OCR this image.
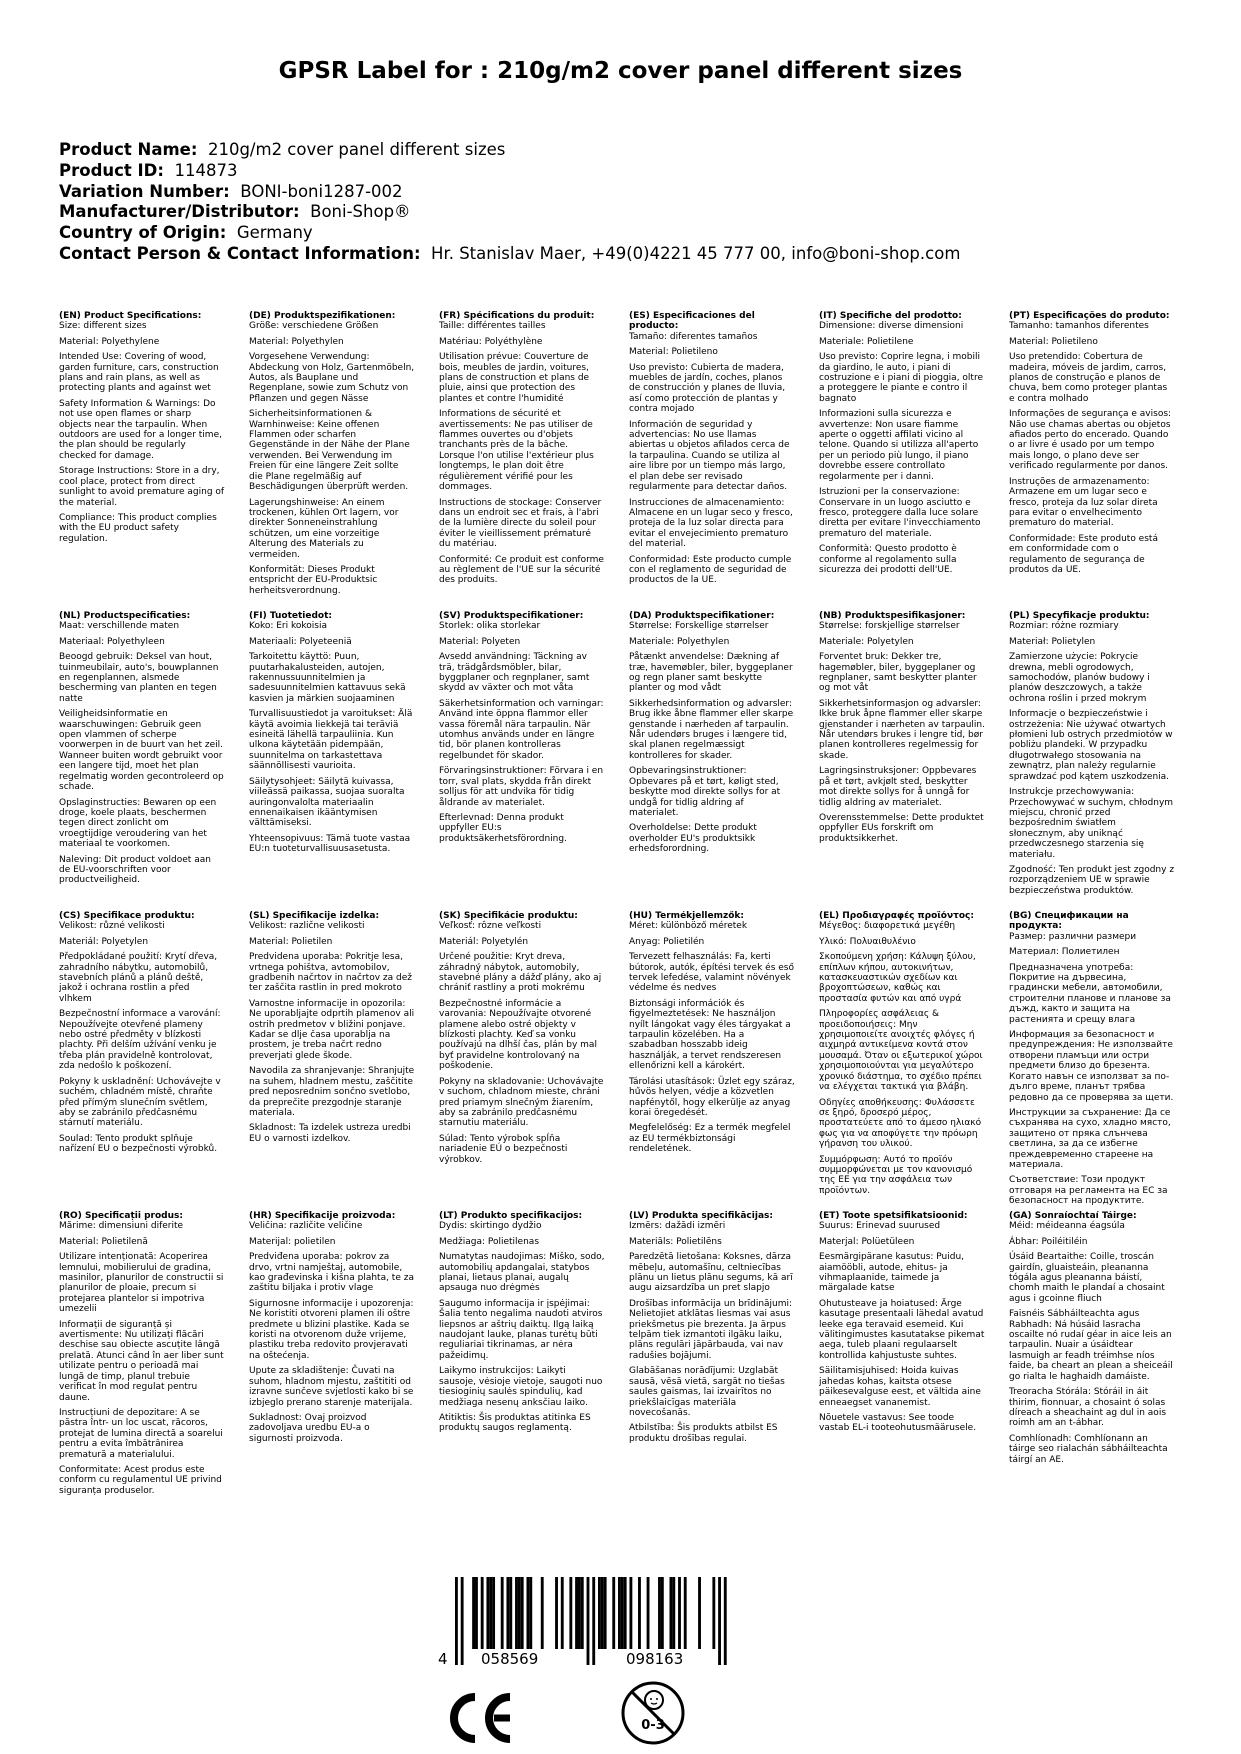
GPSR Label for : 210g/m2 cover panel different sizes
Product Name: 210g/m2 cover panel different sizes
Product ID: 114873
Variation Number: BONI-boni1287-002
Manufacturer/Distributor: Boni-Shop®
Country of Origin: Germany
Contact Person & Contact Information: Hr. Stanislav Maer, +49(0)4221 45 777 00, info@boni-shop.com
(EN) Product Specifications:
Size: different sizes
Material: Polyethylene
Intended Use: Covering of wood, garden furniture, cars, construction plans and rain plans, as well as protecting plants and against wet
Safety Information & Warnings: Do not use open flames or sharp objects near the tarpaulin. When outdoors are used for a longer time, the plan should be regularly checked for damage.
Storage Instructions: Store in a dry, cool place, protect from direct sunlight to avoid premature aging of the material.
Compliance: This product complies with the EU product safety regulation.
(DE) Produktspezifikationen:
Größe: verschiedene Größen
Material: Polyethylen
Vorgesehene Verwendung: Abdeckung von Holz, Gartenmöbeln, Autos, als Bauplane und Regenplane, sowie zum Schutz von Pflanzen und gegen Nässe
Sicherheitsinformationen & Warnhinweise: Keine offenen Flammen oder scharfen Gegenstände in der Nähe der Plane verwenden. Bei Verwendung im Freien für eine längere Zeit sollte die Plane regelmäßig auf Beschädigungen überprüft werden.
Lagerungshinweise: An einem trockenen, kühlen Ort lagern, vor direkter Sonneneinstrahlung schützen, um eine vorzeitige Alterung des Materials zu vermeiden.
Konformität: Dieses Produkt entspricht der EU-Produktsic herheitsverordnung.
(FR) Spécifications du produit:
Taille: différentes tailles
Matériau: Polyéthylène
Utilisation prévue: Couverture de bois, meubles de jardin, voitures, plans de construction et plans de pluie, ainsi que protection des plantes et contre l'humidité
Informations de sécurité et avertissements: Ne pas utiliser de flammes ouvertes ou d'objets tranchants près de la bâche. Lorsque l'on utilise l'extérieur plus longtemps, le plan doit être régulièrement vérifié pour les dommages.
Instructions de stockage: Conserver dans un endroit sec et frais, à l'abri de la lumière directe du soleil pour éviter le vieillissement prématuré du matériau.
Conformité: Ce produit est conforme au règlement de l'UE sur la sécurité des produits.
(ES) Especificaciones del producto:
Tamaño: diferentes tamaños
Material: Polietileno
Uso previsto: Cubierta de madera, muebles de jardín, coches, planos de construcción y planes de lluvia, así como protección de plantas y contra mojado
Información de seguridad y advertencias: No use llamas abiertas u objetos afilados cerca de la tarpaulina. Cuando se utiliza al aire libre por un tiempo más largo, el plan debe ser revisado regularmente para detectar daños.
Instrucciones de almacenamiento: Almacene en un lugar seco y fresco, proteja de la luz solar directa para evitar el envejecimiento prematuro del material.
Conformidad: Este producto cumple con el reglamento de seguridad de productos de la UE.
(IT) Specifiche del prodotto:
Dimensione: diverse dimensioni
Materiale: Polietilene
Uso previsto: Coprire legna, i mobili da giardino, le auto, i piani di costruzione e i piani di pioggia, oltre a proteggere le piante e contro il bagnato
Informazioni sulla sicurezza e avvertenze: Non usare fiamme aperte o oggetti affilati vicino al telone. Quando si utilizza all'aperto per un periodo più lungo, il piano dovrebbe essere controllato regolarmente per i danni.
Istruzioni per la conservazione: Conservare in un luogo asciutto e fresco, proteggere dalla luce solare diretta per evitare l'invecchiamento prematuro del materiale.
Conformità: Questo prodotto è conforme al regolamento sulla sicurezza dei prodotti dell'UE.
(PT) Especificações do produto:
Tamanho: tamanhos diferentes
Material: Polietileno
Uso pretendido: Cobertura de madeira, móveis de jardim, carros, planos de construção e planos de chuva, bem como proteger plantas e contra molhado
Informações de segurança e avisos: Não use chamas abertas ou objetos afiados perto do encerado. Quando o ar livre é usado por um tempo mais longo, o plano deve ser verificado regularmente por danos.
Instruções de armazenamento: Armazene em um lugar seco e fresco, proteja da luz solar direta para evitar o envelhecimento prematuro do material.
Conformidade: Este produto está em conformidade com o regulamento de segurança de produtos da UE.
(NL) Productspecificaties:
Maat: verschillende maten
Materiaal: Polyethyleen
Beoogd gebruik: Deksel van hout, tuinmeubilair, auto's, bouwplannen en regenplannen, alsmede bescherming van planten en tegen natte
Veiligheidsinformatie en waarschuwingen: Gebruik geen open vlammen of scherpe voorwerpen in de buurt van het zeil. Wanneer buiten wordt gebruikt voor een langere tijd, moet het plan regelmatig worden gecontroleerd op schade.
Opslaginstructies: Bewaren op een droge, koele plaats, beschermen tegen direct zonlicht om vroegtijdige veroudering van het materiaal te voorkomen.
Naleving: Dit product voldoet aan de EU-voorschriften voor productveiligheid.
(FI) Tuotetiedot:
Koko: Eri kokoisia
Materiaali: Polyeteeniä
Tarkoitettu käyttö: Puun, puutarhakalusteiden, autojen, rakennussuunnitelmien ja sadesuunnitelmien kattavuus sekä kasvien ja märkien suojaaminen
Turvallisuustiedot ja varoitukset: Älä käytä avoimia liekkejä tai teräviä esineitä lähellä tarpauliinia. Kun ulkona käytetään pidempään, suunnitelma on tarkastettava säännöllisesti vaurioita.
Säilytysohjeet: Säilytä kuivassa, viileässä paikassa, suojaa suoralta auringonvalolta materiaalin ennenaikaisen ikääntymisen välttämiseksi.
Yhteensopivuus: Tämä tuote vastaa EU:n tuoteturvallisuusasetusta.
(SV) Produktspecifikationer:
Storlek: olika storlekar
Material: Polyeten
Avsedd användning: Täckning av trä, trädgårdsmöbler, bilar, byggplaner och regnplaner, samt skydd av växter och mot våta
Säkerhetsinformation och varningar: Använd inte öppna flammor eller vassa föremål nära tarpaulin. När utomhus används under en längre tid, bör planen kontrolleras regelbundet för skador.
Förvaringsinstruktioner: Förvara i en torr, sval plats, skydda från direkt solljus för att undvika för tidig åldrande av materialet.
Efterlevnad: Denna produkt uppfyller EU:s produktsäkerhetsförordning.
(DA) Produktspecifikationer:
Størrelse: Forskellige størrelser
Materiale: Polyethylen
Påtænkt anvendelse: Dækning af træ, havemøbler, biler, byggeplaner og regn planer samt beskytte planter og mod vådt
Sikkerhedsinformation og advarsler: Brug ikke åbne flammer eller skarpe genstande i nærheden af tarpaulin. Når udendørs bruges i længere tid, skal planen regelmæssigt kontrolleres for skader.
Opbevaringsinstruktioner: Opbevares på et tørt, køligt sted, beskytte mod direkte sollys for at undgå for tidlig aldring af materialet.
Overholdelse: Dette produkt overholder EU's produktsikk erhedsforordning.
(NB) Produktspesifikasjoner:
Størrelse: forskjellige størrelser
Materiale: Polyetylen
Forventet bruk: Dekker tre, hagemøbler, biler, byggeplaner og regnplaner, samt beskytter planter og mot våt
Sikkerhetsinformasjon og advarsler: Ikke bruk åpne flammer eller skarpe gjenstander i nærheten av tarpaulin. Når utendørs brukes i lengre tid, bør planen kontrolleres regelmessig for skade.
Lagringsinstruksjoner: Oppbevares på et tørt, avkjølt sted, beskytter mot direkte sollys for å unngå for tidlig aldring av materialet.
Overensstemmelse: Dette produktet oppfyller EUs forskrift om produktsikkerhet.
(PL) Specyfikacje produktu:
Rozmiar: różne rozmiary
Materiał: Polietylen
Zamierzone użycie: Pokrycie drewna, mebli ogrodowych, samochodów, planów budowy i planów deszczowych, a także ochrona roślin i przed mokrym
Informacje o bezpieczeństwie i ostrzeżenia: Nie używać otwartych płomieni lub ostrych przedmiotów w pobliżu plandeki. W przypadku długotrwałego stosowania na zewnątrz, plan należy regularnie sprawdzać pod kątem uszkodzenia.
Instrukcje przechowywania: Przechowywać w suchym, chłodnym miejscu, chronić przed bezpośrednim światłem słonecznym, aby uniknąć przedwczesnego starzenia się materiału.
Zgodność: Ten produkt jest zgodny z rozporządzeniem UE w sprawie bezpieczeństwa produktów.
(CS) Specifikace produktu:
Velikost: různé velikosti
Materiál: Polyetylen
Předpokládané použití: Krytí dřeva, zahradního nábytku, automobilů, stavebních plánů a plánů deště, jakož i ochrana rostlin a před vlhkem
Bezpečnostní informace a varování: Nepoužívejte otevřené plameny nebo ostré předměty v blízkosti plachty. Při delším užívání venku je třeba plán pravidelně kontrolovat, zda nedošlo k poškození.
Pokyny k uskladnění: Uchovávejte v suchém, chladném místě, chraňte před přímým slunečním světlem, aby se zabránilo předčasnému stárnutí materiálu.
Soulad: Tento produkt splňuje nařízení EU o bezpečnosti výrobků.
(SL) Specifikacije izdelka:
Velikost: različne velikosti
Material: Polietilen
Predvidena uporaba: Pokritje lesa, vrtnega pohištva, avtomobilov, gradbenih načrtov in načrtov za dež ter zaščita rastlin in pred mokroto
Varnostne informacije in opozorila: Ne uporabljajte odprtih plamenov ali ostrih predmetov v bližini ponjave. Kadar se dlje časa uporablja na prostem, je treba načrt redno preverjati glede škode.
Navodila za shranjevanje: Shranjujte na suhem, hladnem mestu, zaščitite pred neposrednim sončno svetlobo, da preprečite prezgodnje staranje materiala.
Skladnost: Ta izdelek ustreza uredbi EU o varnosti izdelkov.
(SK) Špecifikácie produktu:
Veľkosť: rôzne veľkosti
Materiál: Polyetylén
Určené použitie: Kryt dreva, záhradný nábytok, automobily, stavebné plány a dážď plány, ako aj chrániť rastliny a proti mokrému
Bezpečnostné informácie a varovania: Nepoužívajte otvorené plamene alebo ostré objekty v blízkosti plachty. Keď sa vonku používajú na dlhší čas, plán by mal byť pravidelne kontrolovaný na poškodenie.
Pokyny na skladovanie: Uchovávajte v suchom, chladnom mieste, chráni pred priamym slnečným žiarením, aby sa zabránilo predčasnému starnutiu materiálu.
Súlad: Tento výrobok spĺňa nariadenie EÚ o bezpečnosti výrobkov.
(HU) Termékjellemzők:
Méret: különböző méretek
Anyag: Polietilén
Tervezett felhasználás: Fa, kerti bútorok, autók, építési tervek és eső tervek lefedése, valamint növények védelme és nedves
Biztonsági információk és figyelmeztetések: Ne használjon nyílt lángokat vagy éles tárgyakat a tarpaulin közelében. Ha a szabadban hosszabb ideig használják, a tervet rendszeresen ellenőrizni kell a károkért.
Tárolási utasítások: Üzlet egy száraz, hűvös helyen, védje a közvetlen napfénytől, hogy elkerülje az anyag korai öregedését.
Megfelelőség: Ez a termék megfelel az EU termékbiztonsági rendeletének.
(EL) Προδιαγραφές προϊόντος:
Μέγεθος: διαφορετικά μεγέθη
Υλικό: Πολυαιθυλένιο
Σκοπούμενη χρήση: Κάλυψη ξύλου, επίπλων κήπου, αυτοκινήτων, κατασκευαστικών σχεδίων και βροχοπτώσεων, καθώς και προστασία φυτών και από υγρά
Πληροφορίες ασφάλειας & προειδοποιήσεις: Μην χρησιμοποιείτε ανοιχτές φλόγες ή αιχμηρά αντικείμενα κοντά στον μουσαμά. Όταν οι εξωτερικοί χώροι χρησιμοποιούνται για μεγαλύτερο χρονικό διάστημα, το σχέδιο πρέπει να ελέγχεται τακτικά για βλάβη.
Οδηγίες αποθήκευσης: Φυλάσσετε σε ξηρό, δροσερό μέρος, προστατεύετε από το άμεσο ηλιακό φως για να αποφύγετε την πρόωρη γήρανση του υλικού.
Συμμόρφωση: Αυτό το προϊόν συμμορφώνεται με τον κανονισμό της ΕΕ για την ασφάλεια των προϊόντων.
(BG) Спецификации на продукта:
Размер: различни размери
Материал: Полиетилен
Предназначена употреба: Покритие на дървесина, градински мебели, автомобили, строителни планове и планове за дъжд, както и защита на растенията и срещу влага
Информация за безопасност и предупреждения: Не използвайте отворени пламъци или остри предмети близо до брезента. Когато навън се използват за по-дълго време, планът трябва редовно да се проверява за щети.
Инструкции за съхранение: Да се съхранява на сухо, хладно място, защитено от пряка слънчева светлина, за да се избегне преждевременно стареене на материала.
Съответствие: Този продукт отговаря на регламента на ЕС за безопасност на продуктите.
(RO) Specificații produs:
Mărime: dimensiuni diferite
Material: Polietilenă
Utilizare intenționată: Acoperirea lemnului, mobilierului de gradina, masinilor, planurilor de constructii si planurilor de ploaie, precum si protejarea plantelor si impotriva umezelii
Informații de siguranță și avertismente: Nu utilizați flăcări deschise sau obiecte ascuțite lângă prelată. Atunci când în aer liber sunt utilizate pentru o perioadă mai lungă de timp, planul trebuie verificat în mod regulat pentru daune.
Instrucțiuni de depozitare: A se păstra într- un loc uscat, răcoros, protejat de lumina directă a soarelui pentru a evita îmbătrânirea prematură a materialului.
Conformitate: Acest produs este conform cu regulamentul UE privind siguranța produselor.
(HR) Specifikacije proizvoda:
Veličina: različite veličine
Materijal: polietilen
Predviđena uporaba: pokrov za drvo, vrtni namještaj, automobile, kao građevinska i kišna plahta, te za zaštitu biljaka i protiv vlage
Sigurnosne informacije i upozorenja: Ne koristiti otvoreni plamen ili oštre predmete u blizini plastike. Kada se koristi na otvorenom duže vrijeme, plastiku treba redovito provjeravati na oštećenja.
Upute za skladištenje: Čuvati na suhom, hladnom mjestu, zaštititi od izravne sunčeve svjetlosti kako bi se izbjeglo prerano starenje materijala.
Sukladnost: Ovaj proizvod zadovoljava uredbu EU-a o sigurnosti proizvoda.
(LT) Produkto specifikacijos:
Dydis: skirtingo dydžio
Medžiaga: Polietilenas
Numatytas naudojimas: Miško, sodo, automobilių apdangalai, statybos planai, lietaus planai, augalų apsauga nuo drėgmės
Saugumo informacija ir įspėjimai: Šalia tento negalima naudoti atviros liepsnos ar aštrių daiktų. Ilgą laiką naudojant lauke, planas turėtų būti reguliariai tikrinamas, ar nėra pažeidimų.
Laikymo instrukcijos: Laikyti sausoje, vėsioje vietoje, saugoti nuo tiesioginių saulės spindulių, kad medžiaga nesenų anksčiau laiko.
Atitiktis: Šis produktas atitinka ES produktų saugos reglamentą.
(LV) Produkta specifikācijas:
Izmērs: dažādi izmēri
Materiāls: Polietilēns
Paredzētā lietošana: Koksnes, dārza mēbeļu, automašīnu, celtniecības plānu un lietus plānu segums, kā arī augu aizsardzība un pret slapjo
Drošības informācija un brīdinājumi: Nelietojiet atklātas liesmas vai asus priekšmetus pie brezenta. Ja ārpus telpām tiek izmantoti ilgāku laiku, plāns regulāri jāpārbauda, vai nav radušies bojājumi.
Glabāšanas norādījumi: Uzglabāt sausā, vēsā vietā, sargāt no tiešas saules gaismas, lai izvairītos no priekšlaicīgas materiāla novecošanās.
Atbilstība: Šis produkts atbilst ES produktu drošības regulai.
(ET) Toote spetsifikatsioonid:
Suurus: Erinevad suurused
Materjal: Polüetüleen
Eesmärgipärane kasutus: Puidu, aiamööbli, autode, ehitus- ja vihmaplaanide, taimede ja märgalade katse
Ohutusteave ja hoiatused: Ärge kasutage presentaali lähedal avatud leeke ega teravaid esemeid. Kui välitingimustes kasutatakse pikemat aega, tuleb plaani regulaarselt kontrollida kahjustuste suhtes.
Säilitamisjuhised: Hoida kuivas jahedas kohas, kaitsta otsese päikesevalguse eest, et vältida aine enneaegset vananemist.
Nõuetele vastavus: See toode vastab EL-i tooteohutusmäärusele.
(GA) Sonraíochtaí Táirge:
Méid: méideanna éagsúla
Ábhar: Poiléitiléin
Úsáid Beartaithe: Coille, troscán gairdín, gluaisteáin, pleananna tógála agus pleananna báistí, chomh maith le plandaí a chosaint agus i gcoinne fliuch
Faisnéis Sábháilteachta agus Rabhadh: Ná húsáid lasracha oscailte nó rudaí géar in aice leis an tarpaulin. Nuair a úsáidtear lasmuigh ar feadh tréimhse níos faide, ba cheart an plean a sheiceáil go rialta le haghaidh damáiste.
Treoracha Stórála: Stóráil in áit thirim, fionnuar, a chosaint ó solas díreach a sheachaint ag dul in aois roimh am an t-ábhar.
Comhlíonadh: Comhlíonann an táirge seo rialachán sábháilteachta táirgí an AE.
4 058569	098163
0-3
